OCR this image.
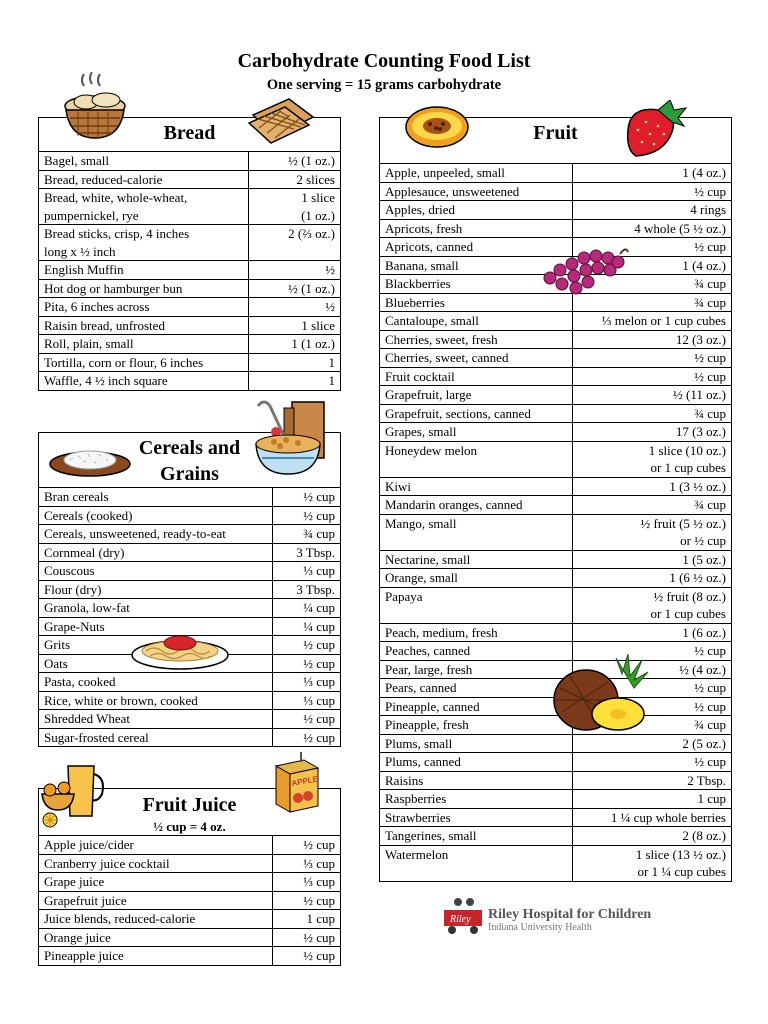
Carbohydrate Counting Food List
One serving = 15 grams carbohydrate
Bread	

Bagel, small	½ (1 oz.)
Bread, reduced-calorie	2 slices
Bread, white, whole-wheat,
pumpernickel, rye	1 slice
(1 oz.)
Bread sticks, crisp, 4 inches
long x ½ inch	2 (⅔ oz.)
English Muffin	½
Hot dog or hamburger bun	½ (1 oz.)
Pita, 6 inches across	½
Raisin bread, unfrosted	1 slice
Roll, plain, small	1 (1 oz.)
Tortilla, corn or flour, 6 inches	1
Waffle, 4 ½ inch square	1
Cereals and
Grains	

Bran cereals	½ cup
Cereals (cooked)	½ cup
Cereals, unsweetened, ready-to-eat	¾ cup
Cornmeal (dry)	3 Tbsp.
Couscous	⅓ cup
Flour (dry)	3 Tbsp.
Granola, low-fat	¼ cup
Grape-Nuts	¼ cup
Grits	½ cup
Oats	½ cup
Pasta, cooked	⅓ cup
Rice, white or brown, cooked	⅓ cup
Shredded Wheat	½ cup
Sugar-frosted cereal	½ cup
Fruit Juice
½ cup = 4 oz.	

Apple juice/cider	½ cup
Cranberry juice cocktail	⅓ cup
Grape juice	⅓ cup
Grapefruit juice	½ cup
Juice blends, reduced-calorie	1 cup
Orange juice	½ cup
Pineapple juice	½ cup
Fruit	

Apple, unpeeled, small	1 (4 oz.)
Applesauce, unsweetened	½ cup
Apples, dried	4 rings
Apricots, fresh	4 whole (5 ½ oz.)
Apricots, canned	½ cup
Banana, small	1 (4 oz.)
Blackberries	¾ cup
Blueberries	¾ cup
Cantaloupe, small	⅓ melon or 1 cup cubes
Cherries, sweet, fresh	12 (3 oz.)
Cherries, sweet, canned	½ cup
Fruit cocktail	½ cup
Grapefruit, large	½ (11 oz.)
Grapefruit, sections, canned	¾ cup
Grapes, small	17 (3 oz.)
Honeydew melon	1 slice (10 oz.)
or 1 cup cubes
Kiwi	1 (3 ½ oz.)
Mandarin oranges, canned	¾ cup
Mango, small	½ fruit (5 ½ oz.)
or ½ cup
Nectarine, small	1 (5 oz.)
Orange, small	1 (6 ½ oz.)
Papaya	½ fruit (8 oz.)
or 1 cup cubes
Peach, medium, fresh	1 (6 oz.)
Peaches, canned	½ cup
Pear, large, fresh	½ (4 oz.)
Pears, canned	½ cup
Pineapple, canned	½ cup
Pineapple, fresh	¾ cup
Plums, small	2 (5 oz.)
Plums, canned	½ cup
Raisins	2 Tbsp.
Raspberries	1 cup
Strawberries	1 ¼ cup whole berries
Tangerines, small	2 (8 oz.)
Watermelon	1 slice (13 ½ oz.)
or 1 ¼ cup cubes
APPLE
Riley Riley Hospital for Children
Indiana University Health
